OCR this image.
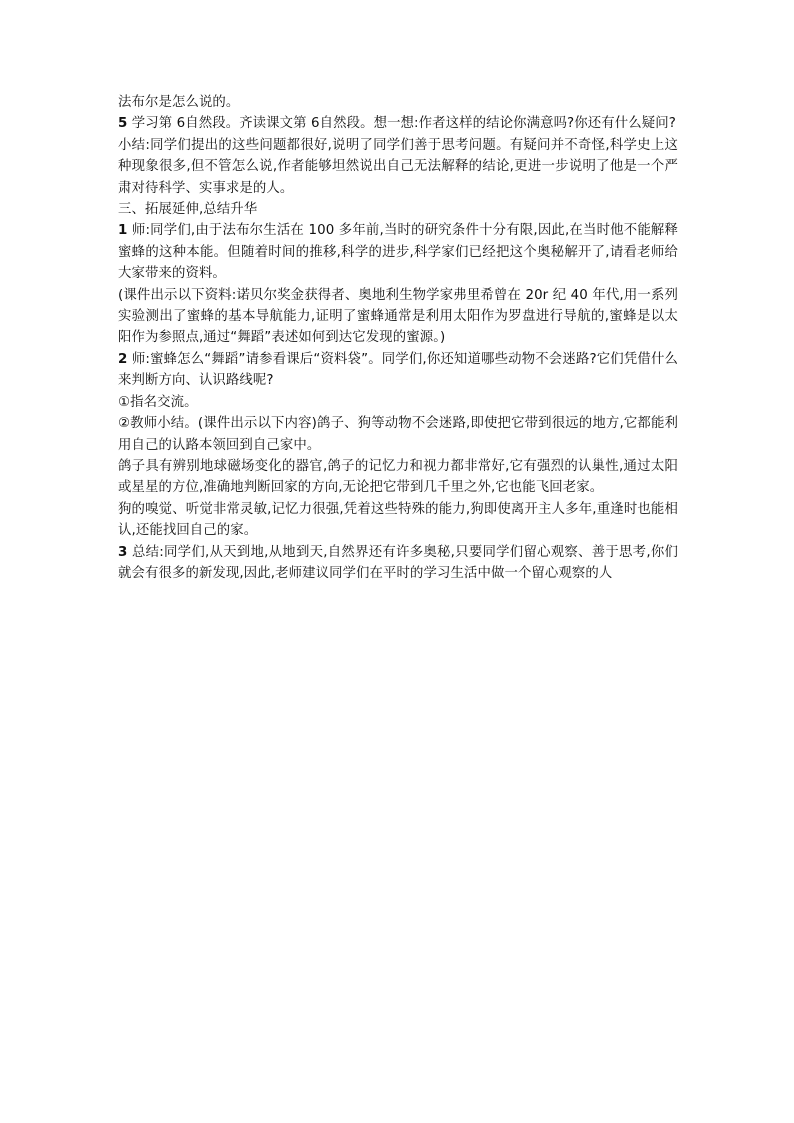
法布尔是怎么说的。

5 学习第 6自然段。齐读课文第 6自然段。想一想:作者这样的结论你满意吗?你还有什么疑问?

小结:同学们提出的这些问题都很好,说明了同学们善于思考问题。有疑问并不奇怪,科学史上这种现象很多,但不管怎么说,作者能够坦然说出自己无法解释的结论,更进一步说明了他是一个严肃对待科学、实事求是的人。

三、拓展延伸,总结升华

1 师:同学们,由于法布尔生活在 100 多年前,当时的研究条件十分有限,因此,在当时他不能解释蜜蜂的这种本能。但随着时间的推移,科学的进步,科学家们已经把这个奥秘解开了,请看老师给大家带来的资料。

(课件出示以下资料:诺贝尔奖金获得者、奥地利生物学家弗里希曾在 20r 纪 40 年代,用一系列实验测出了蜜蜂的基本导航能力,证明了蜜蜂通常是利用太阳作为罗盘进行导航的,蜜蜂是以太阳作为参照点,通过“舞蹈”表述如何到达它发现的蜜源。)

2 师:蜜蜂怎么“舞蹈”请参看课后“资料袋”。同学们,你还知道哪些动物不会迷路?它们凭借什么来判断方向、认识路线呢?

①指名交流。

②教师小结。(课件出示以下内容)鸽子、狗等动物不会迷路,即使把它带到很远的地方,它都能利用自己的认路本领回到自己家中。

鸽子具有辨别地球磁场变化的器官,鸽子的记忆力和视力都非常好,它有强烈的认巢性,通过太阳或星星的方位,准确地判断回家的方向,无论把它带到几千里之外,它也能飞回老家。

狗的嗅觉、听觉非常灵敏,记忆力很强,凭着这些特殊的能力,狗即使离开主人多年,重逢时也能相认,还能找回自己的家。

3 总结:同学们,从天到地,从地到天,自然界还有许多奥秘,只要同学们留心观察、善于思考,你们就会有很多的新发现,因此,老师建议同学们在平时的学习生活中做一个留心观察的人
